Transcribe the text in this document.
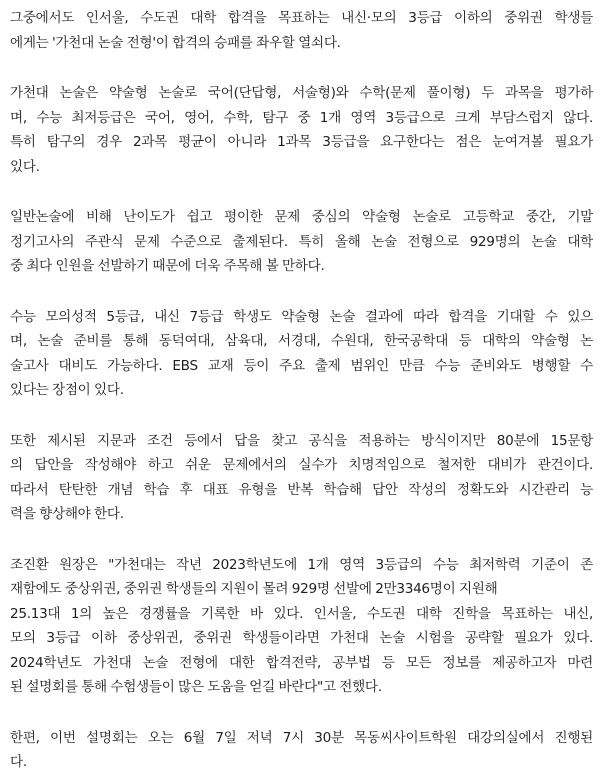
그중에서도 인서울, 수도권 대학 합격을 목표하는 내신·모의 3등급 이하의 중위권 학생들
에게는 '가천대 논술 전형'이 합격의 승패를 좌우할 열쇠다.
가천대 논술은 약술형 논술로 국어(단답형, 서술형)와 수학(문제 풀이형) 두 과목을 평가하
며, 수능 최저등급은 국어, 영어, 수학, 탐구 중 1개 영역 3등급으로 크게 부담스럽지 않다.
특히 탐구의 경우 2과목 평균이 아니라 1과목 3등급을 요구한다는 점은 눈여겨볼 필요가
있다.
일반논술에 비해 난이도가 쉽고 평이한 문제 중심의 약술형 논술로 고등학교 중간, 기말
정기고사의 주관식 문제 수준으로 출제된다. 특히 올해 논술 전형으로 929명의 논술 대학
중 최다 인원을 선발하기 때문에 더욱 주목해 볼 만하다.
수능 모의성적 5등급, 내신 7등급 학생도 약술형 논술 결과에 따라 합격을 기대할 수 있으
며, 논술 준비를 통해 동덕여대, 삼육대, 서경대, 수원대, 한국공학대 등 대학의 약술형 논
술고사 대비도 가능하다. EBS 교재 등이 주요 출제 범위인 만큼 수능 준비와도 병행할 수
있다는 장점이 있다.
또한 제시된 지문과 조건 등에서 답을 찾고 공식을 적용하는 방식이지만 80분에 15문항
의 답안을 작성해야 하고 쉬운 문제에서의 실수가 치명적임으로 철저한 대비가 관건이다.
따라서 탄탄한 개념 학습 후 대표 유형을 반복 학습해 답안 작성의 정확도와 시간관리 능
력을 향상해야 한다.
조진환 원장은 "가천대는 작년 2023학년도에 1개 영역 3등급의 수능 최저학력 기준이 존
재함에도 중상위권, 중위권 학생들의 지원이 몰려 929명 선발에 2만3346명이 지원해
25.13대 1의 높은 경쟁률을 기록한 바 있다. 인서울, 수도권 대학 진학을 목표하는 내신,
모의 3등급 이하 중상위권, 중위권 학생들이라면 가천대 논술 시험을 공략할 필요가 있다.
2024학년도 가천대 논술 전형에 대한 합격전략, 공부법 등 모든 정보를 제공하고자 마련
된 설명회를 통해 수험생들이 많은 도움을 얻길 바란다"고 전했다.
한편, 이번 설명회는 오는 6월 7일 저녁 7시 30분 목동씨사이트학원 대강의실에서 진행된
다.
